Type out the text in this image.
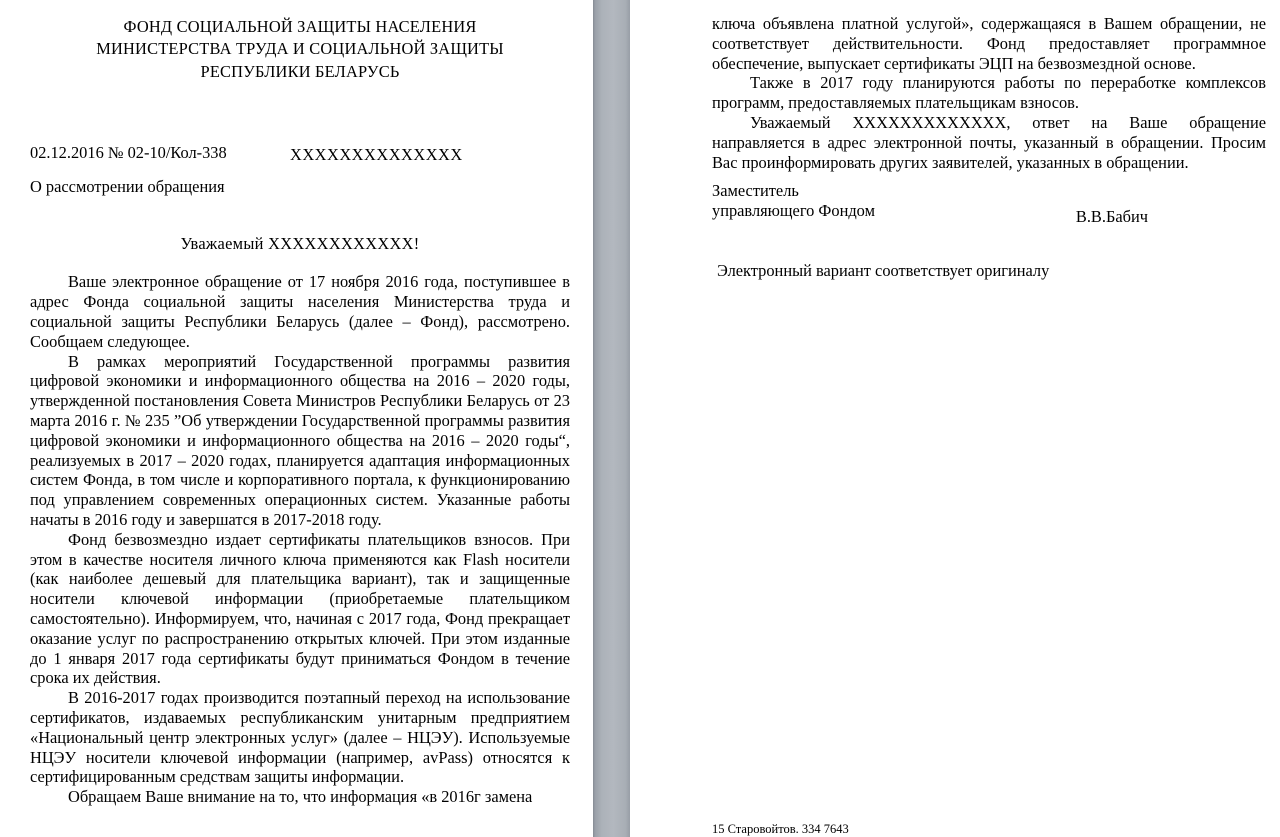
ФОНД СОЦИАЛЬНОЙ ЗАЩИТЫ НАСЕЛЕНИЯ
МИНИСТЕРСТВА ТРУДА И СОЦИАЛЬНОЙ ЗАЩИТЫ
РЕСПУБЛИКИ БЕЛАРУСЬ
02.12.2016 № 02-10/Кол-338	XXXXXXXXXXXXXX
О рассмотрении обращения
Уважаемый XXXXXXXXXXXX!

Ваше электронное обращение от 17 ноября 2016 года, поступившее в адрес Фонда социальной защиты населения Министерства труда и социальной защиты Республики Беларусь (далее – Фонд), рассмотрено. Сообщаем следующее.

В рамках мероприятий Государственной программы развития цифровой экономики и информационного общества на 2016 – 2020 годы, утвержденной постановления Совета Министров Республики Беларусь от 23 марта 2016 г. № 235 ”Об утверждении Государственной программы развития цифровой экономики и информационного общества на 2016 – 2020 годы“, реализуемых в 2017 – 2020 годах, планируется адаптация информационных систем Фонда, в том числе и корпоративного портала, к функционированию под управлением современных операционных систем. Указанные работы начаты в 2016 году и завершатся в 2017-2018 году.

Фонд безвозмездно издает сертификаты плательщиков взносов. При этом в качестве носителя личного ключа применяются как Flash носители (как наиболее дешевый для плательщика вариант), так и защищенные носители ключевой информации (приобретаемые плательщиком самостоятельно). Информируем, что, начиная с 2017 года, Фонд прекращает оказание услуг по распространению открытых ключей. При этом изданные до 1 января 2017 года сертификаты будут приниматься Фондом в течение срока их действия.

В 2016-2017 годах производится поэтапный переход на использование сертификатов, издаваемых республиканским унитарным предприятием «Национальный центр электронных услуг» (далее – НЦЭУ). Используемые НЦЭУ носители ключевой информации (например, avPass) относятся к сертифицированным средствам защиты информации.

Обращаем Ваше внимание на то, что информация «в 2016г замена

ключа объявлена платной услугой», содержащаяся в Вашем обращении, не соответствует действительности. Фонд предоставляет программное обеспечение, выпускает сертификаты ЭЦП на безвозмездной основе.

Также в 2017 году планируются работы по переработке комплексов программ, предоставляемых плательщикам взносов.

Уважаемый XXXXXXXXXXXXX, ответ на Ваше обращение направляется в адрес электронной почты, указанный в обращении. Просим Вас проинформировать других заявителей, указанных в обращении.

Заместитель
управляющего Фондом	В.В.Бабич
Электронный вариант соответствует оригиналу
15 Старовойтов. 334 7643
